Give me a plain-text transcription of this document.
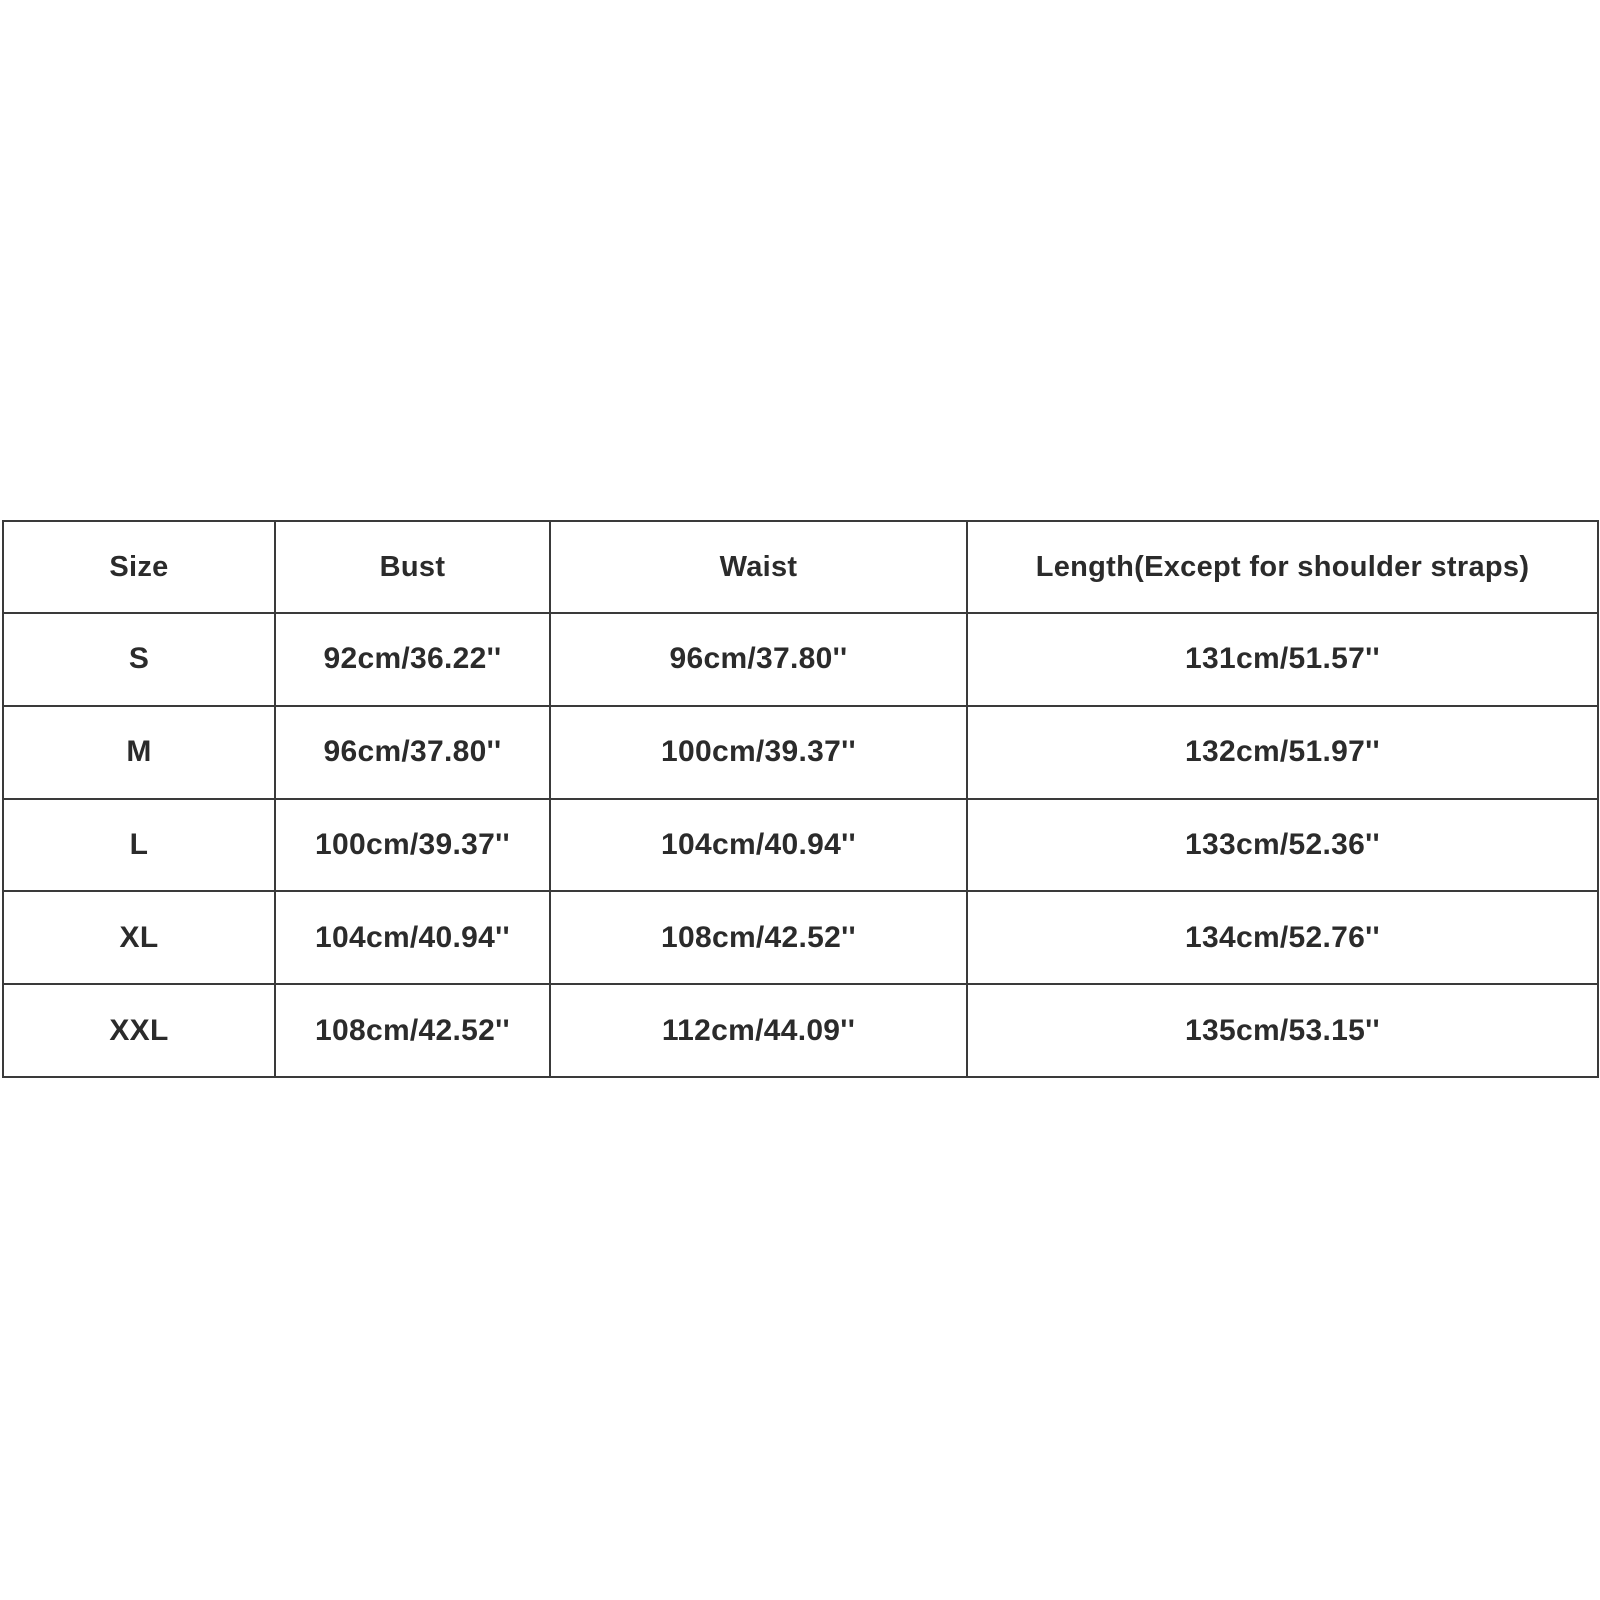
Size	Bust	Waist	Length(Except for shoulder straps)
S	92cm/36.22''	96cm/37.80''	131cm/51.57''
M	96cm/37.80''	100cm/39.37''	132cm/51.97''
L	100cm/39.37''	104cm/40.94''	133cm/52.36''
XL	104cm/40.94''	108cm/42.52''	134cm/52.76''
XXL	108cm/42.52''	112cm/44.09''	135cm/53.15''
